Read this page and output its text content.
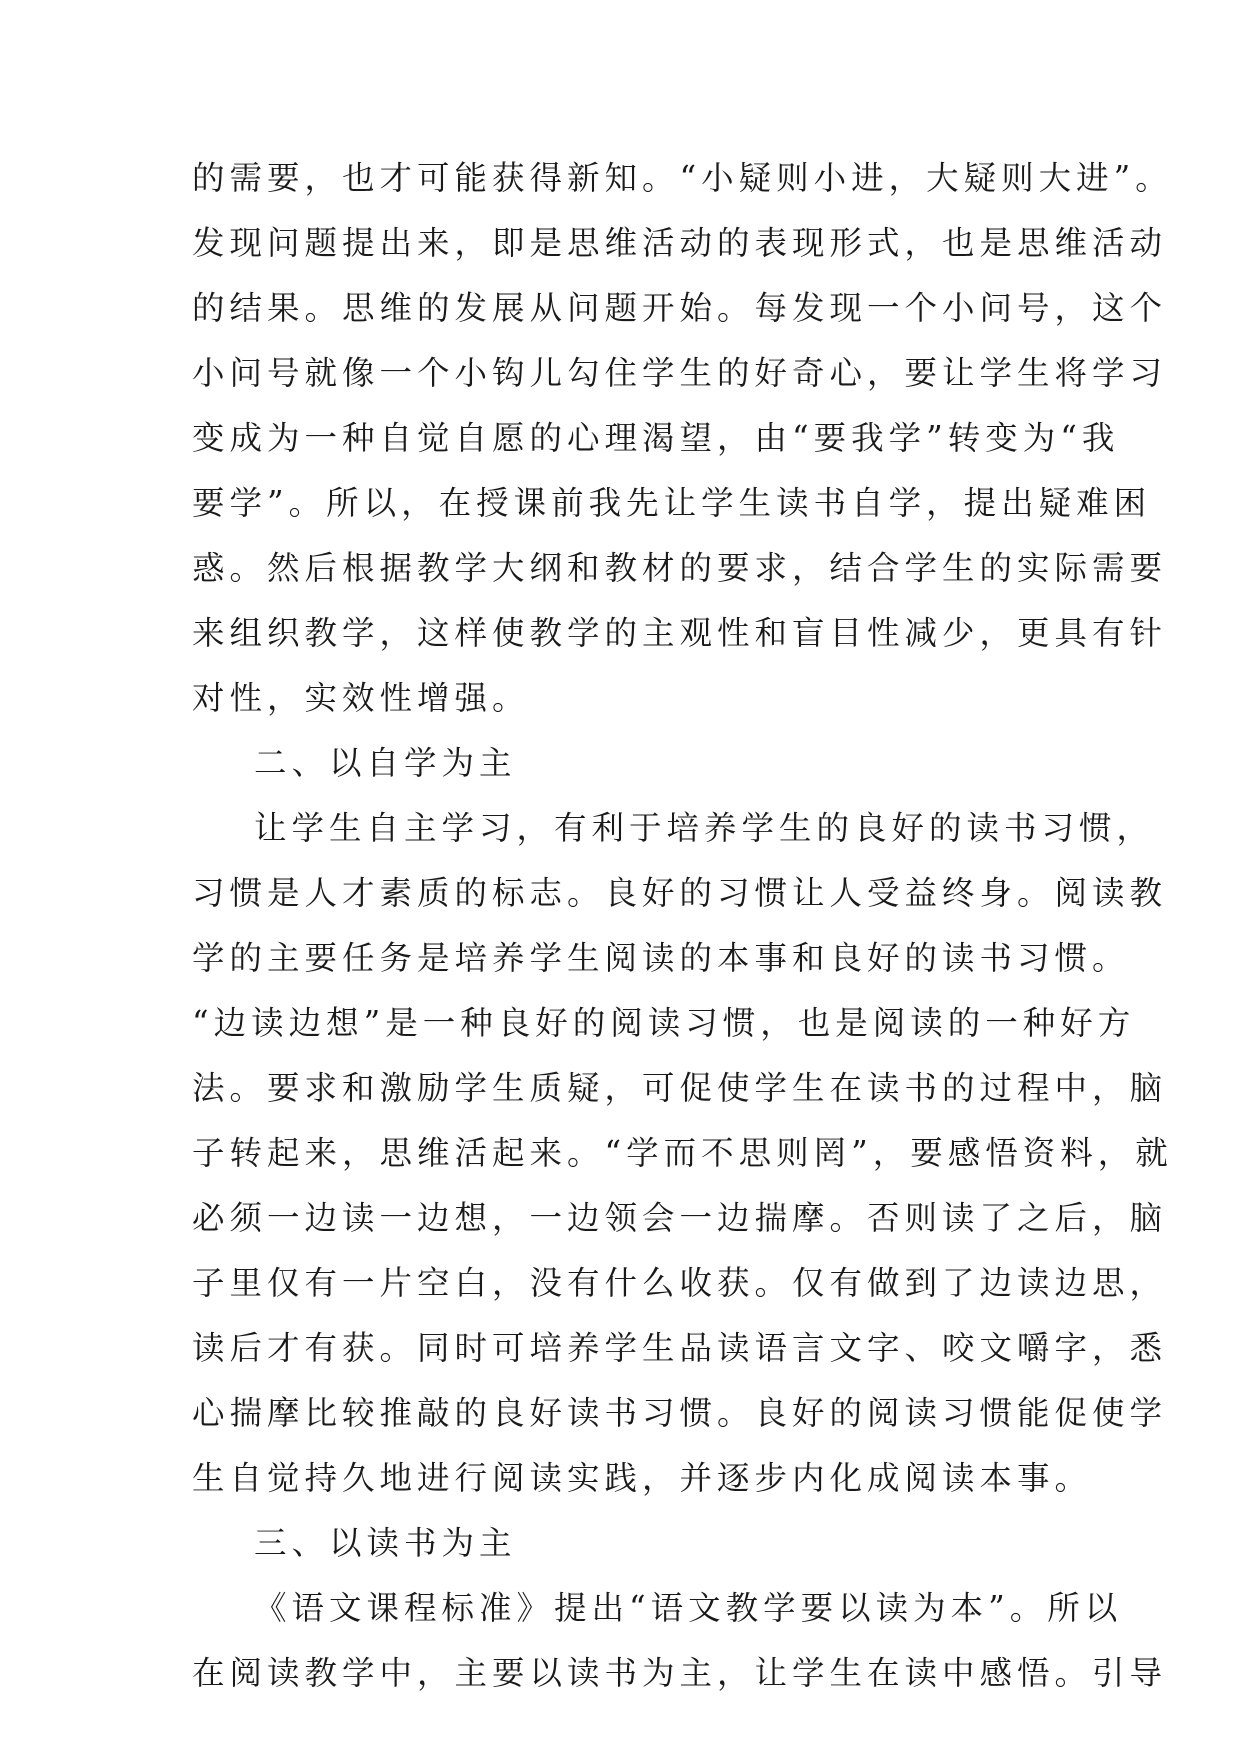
的需要，也才可能获得新知。“小疑则小进，大疑则大进”。
发现问题提出来，即是思维活动的表现形式，也是思维活动
的结果。思维的发展从问题开始。每发现一个小问号，这个
小问号就像一个小钩儿勾住学生的好奇心，要让学生将学习
变成为一种自觉自愿的心理渴望，由“要我学”转变为“我
要学”。所以，在授课前我先让学生读书自学，提出疑难困
惑。然后根据教学大纲和教材的要求，结合学生的实际需要
来组织教学，这样使教学的主观性和盲目性减少，更具有针
对性，实效性增强。
二、以自学为主
让学生自主学习，有利于培养学生的良好的读书习惯，
习惯是人才素质的标志。良好的习惯让人受益终身。阅读教
学的主要任务是培养学生阅读的本事和良好的读书习惯。
“边读边想”是一种良好的阅读习惯，也是阅读的一种好方
法。要求和激励学生质疑，可促使学生在读书的过程中，脑
子转起来，思维活起来。“学而不思则罔”，要感悟资料，就
必须一边读一边想，一边领会一边揣摩。否则读了之后，脑
子里仅有一片空白，没有什么收获。仅有做到了边读边思，
读后才有获。同时可培养学生品读语言文字、咬文嚼字，悉
心揣摩比较推敲的良好读书习惯。良好的阅读习惯能促使学
生自觉持久地进行阅读实践，并逐步内化成阅读本事。
三、以读书为主
《语文课程标准》提出“语文教学要以读为本”。所以
在阅读教学中，主要以读书为主，让学生在读中感悟。引导
